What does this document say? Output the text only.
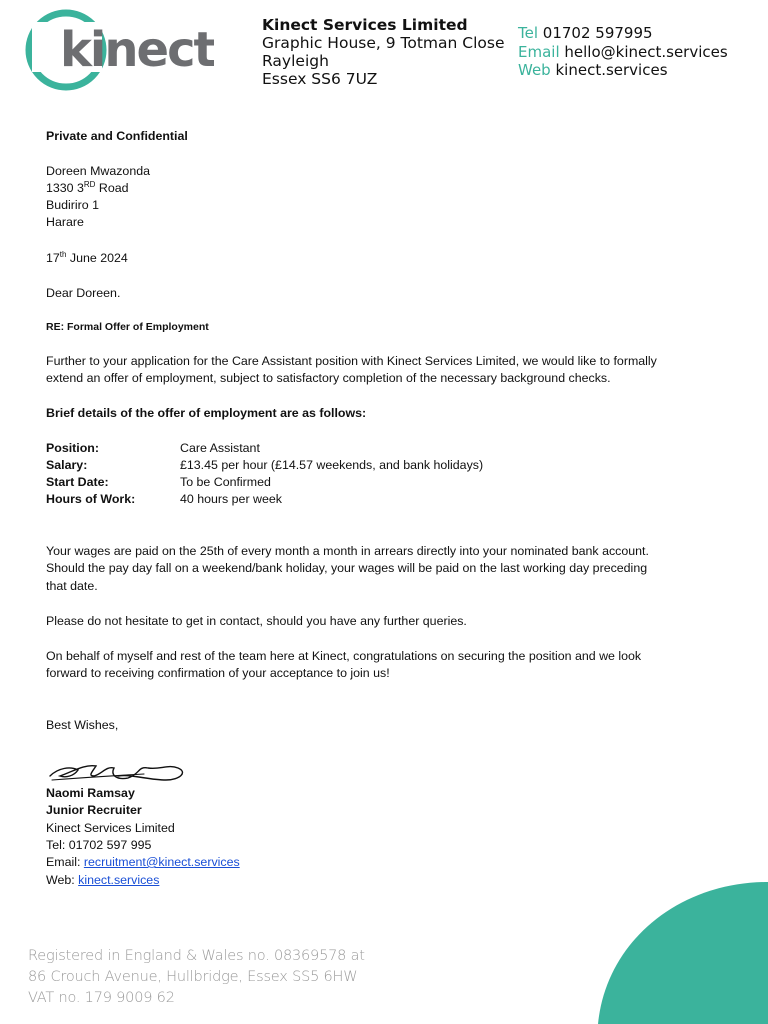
kinect	Kinect Services Limited
Graphic House, 9 Totman Close
Rayleigh
Essex SS6 7UZ
Tel 01702 597995
Email hello@kinect.services
Web kinect.services
Private and Confidential
Doreen Mwazonda
1330 3RD Road
Budiriro 1
Harare
17th June 2024
Dear Doreen.
RE: Formal Offer of Employment
Further to your application for the Care Assistant position with Kinect Services Limited, we would like to formally
extend an offer of employment, subject to satisfactory completion of the necessary background checks.
Brief details of the offer of employment are as follows:
Position:	Care Assistant
Salary:	£13.45 per hour (£14.57 weekends, and bank holidays)
Start Date:	To be Confirmed
Hours of Work:	40 hours per week
Your wages are paid on the 25th of every month a month in arrears directly into your nominated bank account.
Should the pay day fall on a weekend/bank holiday, your wages will be paid on the last working day preceding
that date.
Please do not hesitate to get in contact, should you have any further queries.
On behalf of myself and rest of the team here at Kinect, congratulations on securing the position and we look
forward to receiving confirmation of your acceptance to join us!
Best Wishes,
Naomi Ramsay
Junior Recruiter
Kinect Services Limited
Tel: 01702 597 995
Email: recruitment@kinect.services
Web: kinect.services
Registered in England & Wales no. 08369578 at
86 Crouch Avenue, Hullbridge, Essex SS5 6HW
VAT no. 179 9009 62
